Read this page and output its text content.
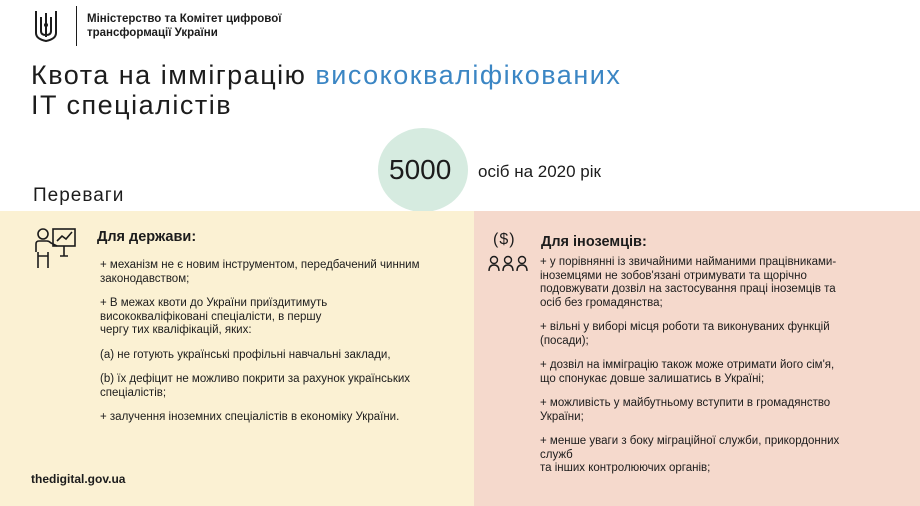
Міністерство та Комітет цифрової
трансформації України
Квота на імміграцію висококваліфікованих
IT спеціалістів
5000 осіб на 2020 рік
Переваги
($)
Для держави:	Для іноземців:

+ механізм не є новим інструментом, передбачений чинним
законодавством;

+ В межах квоти до України приїздитимуть
висококваліфіковані спеціалісти, в першу
чергу тих кваліфікацій, яких:

(а) не готують українські профільні навчальні заклади,

(b) їх дефіцит не можливо покрити за рахунок українських
спеціалістів;

+ залучення іноземних спеціалістів в економіку України.

+ у порівнянні із звичайними найманими працівниками-
іноземцями не зобов'язані отримувати та щорічно
подовжувати дозвіл на застосування праці іноземців та
осіб без громадянства;

+ вільні у виборі місця роботи та виконуваних функцій
(посади);

+ дозвіл на імміграцію також може отримати його сім'я,
що спонукає довше залишатись в Україні;

+ можливість у майбутньому вступити в громадянство
України;

+ менше уваги з боку міграційної служби, прикордонних
служб
та інших контролюючих органів;

thedigital.gov.ua
